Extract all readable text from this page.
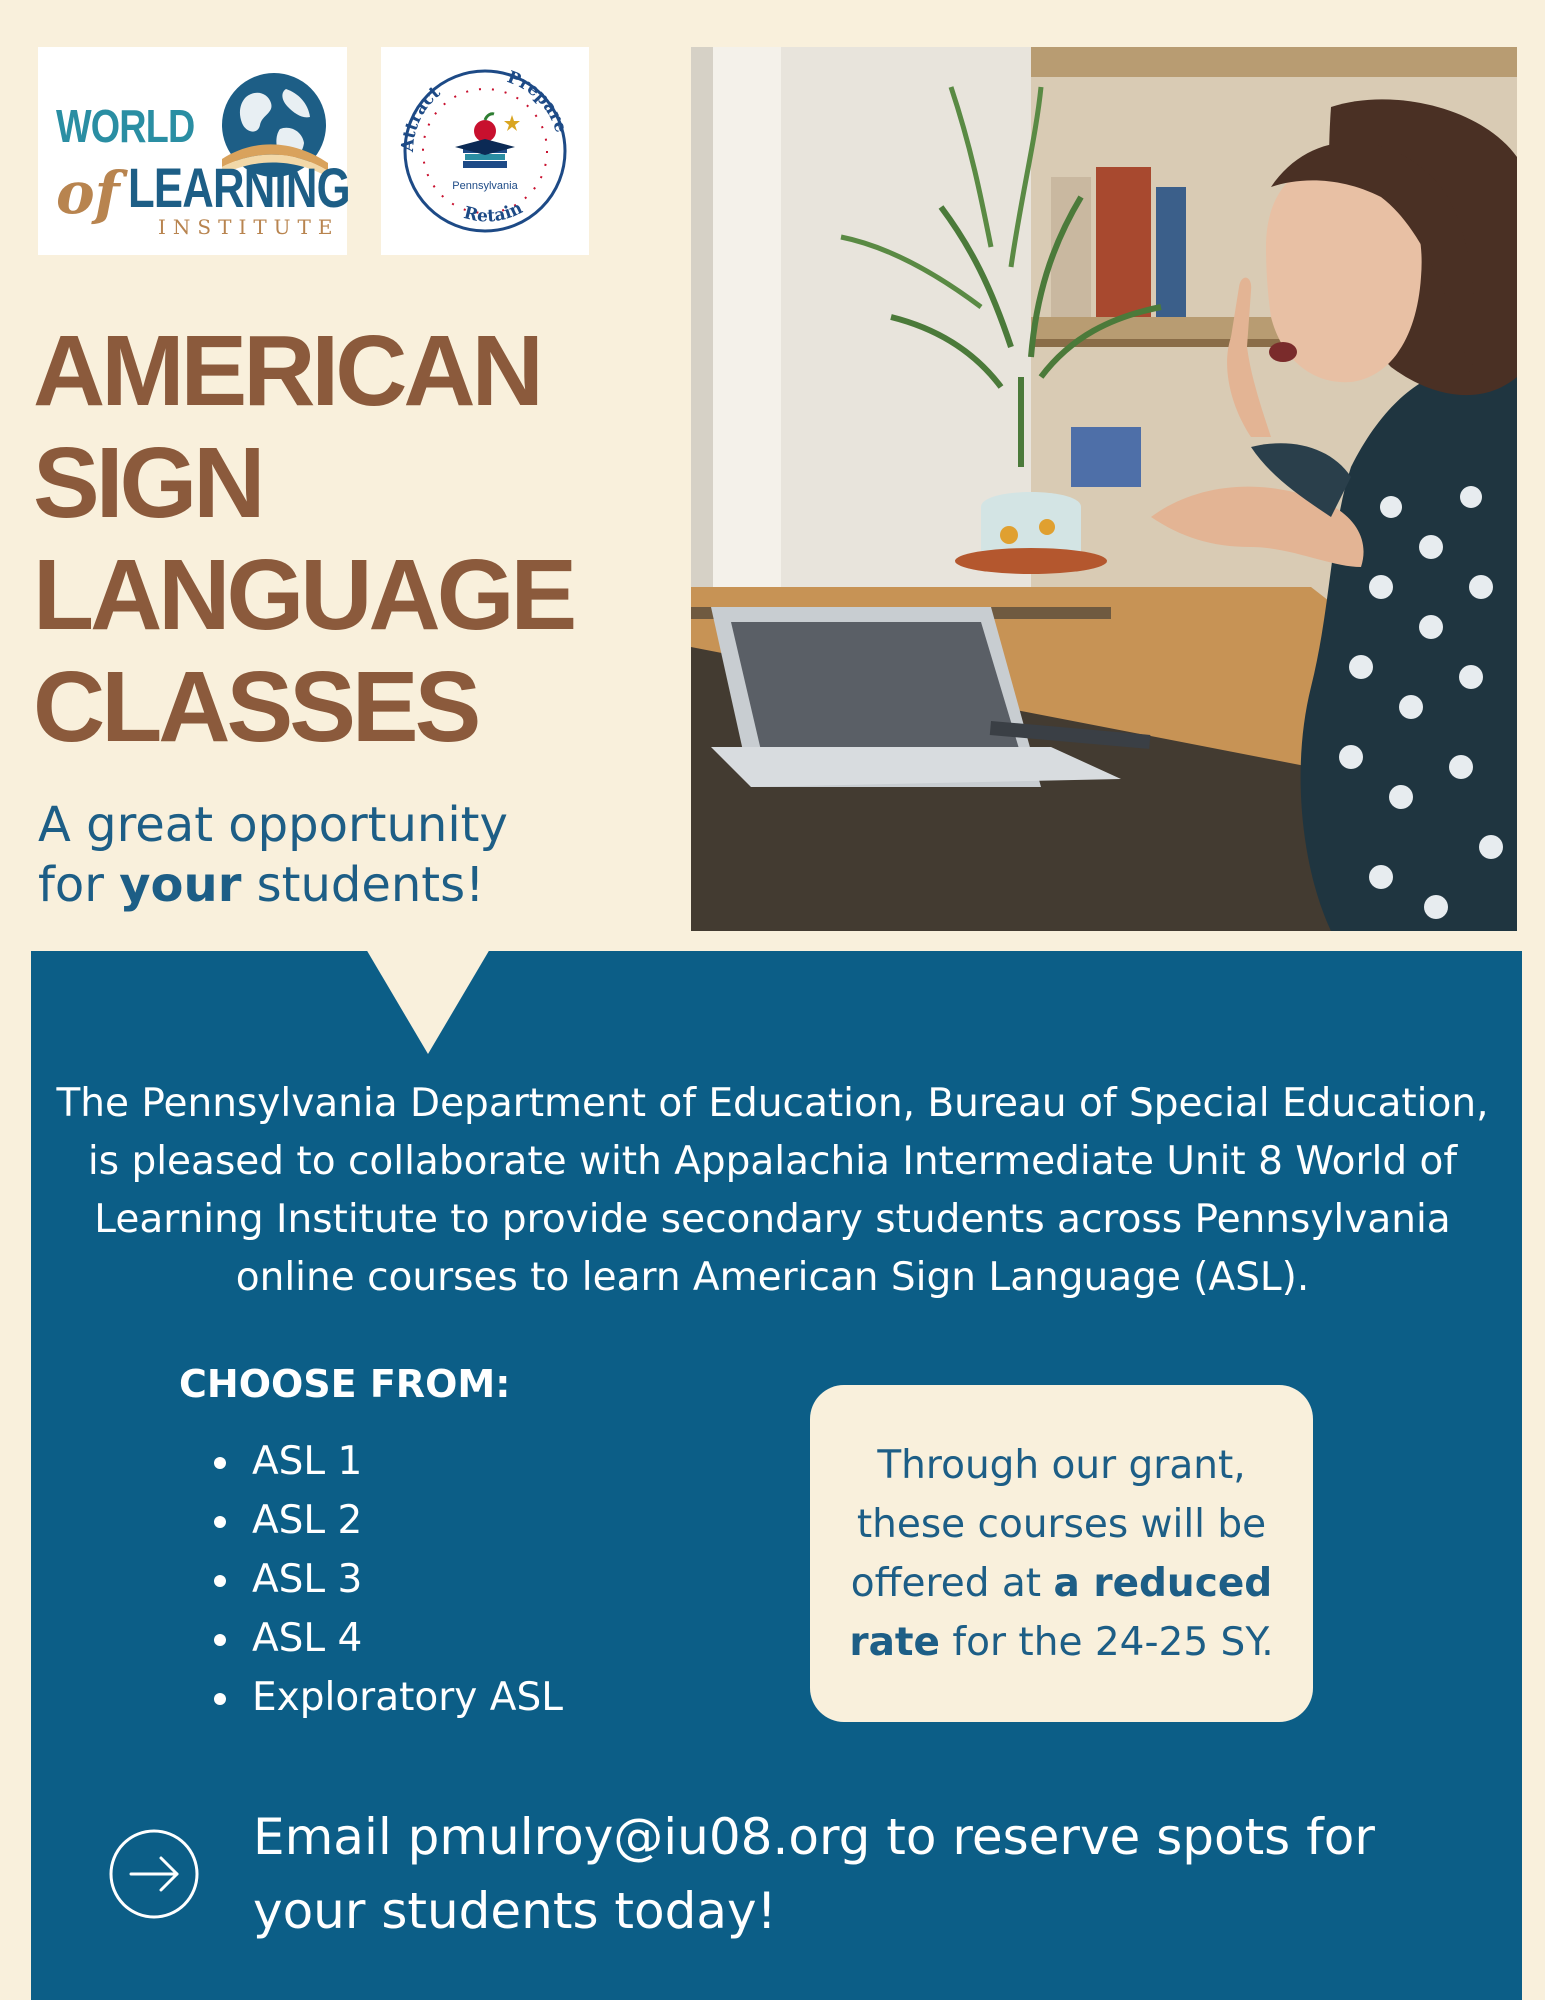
WORLD
of LEARNING
INSTITUTE
Attract
Prepare
Retain
Pennsylvania
AMERICAN
SIGN
LANGUAGE
CLASSES
A great opportunity
for your students!

The Pennsylvania Department of Education, Bureau of Special Education, is pleased to collaborate with Appalachia Intermediate Unit 8 World of Learning Institute to provide secondary students across Pennsylvania online courses to learn American Sign Language (ASL).

CHOOSE FROM:
ASL 1
ASL 2
ASL 3
ASL 4
Exploratory ASL
Through our grant, these courses will be offered at a reduced rate for the 24-25 SY.
Email pmulroy@iu08.org to reserve spots for your students today!
